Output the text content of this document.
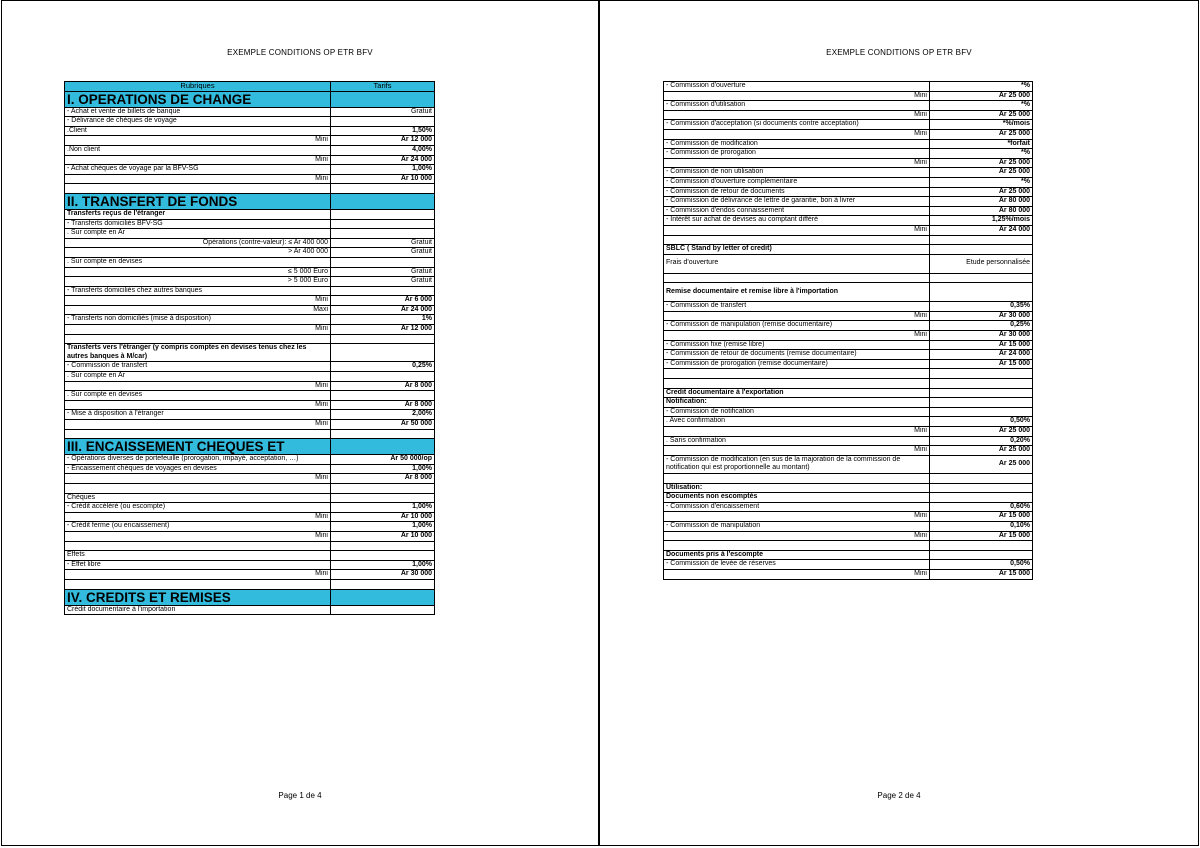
EXEMPLE CONDITIONS OP ETR BFV
Rubriques	Tarifs
I. OPERATIONS DE CHANGE	
- Achat et vente de billets de banque	Gratuit
- Délivrance de chèques de voyage	
.Client	1,50%
Mini	Ar 12 000
.Non client	4,00%
Mini	Ar 24 000
- Achat chèques de voyage par la BFV-SG	1,00%
Mini	Ar 10 000

II. TRANSFERT DE FONDS	
Transferts reçus de l'étranger	
- Transferts domiciliés BFV-SG	
. Sur compte en Ar	
Opérations (contre-valeur): ≤ Ar 400 000	Gratuit
> Ar 400 000	Gratuit
. Sur compte en devises	
≤ 5 000 Euro	Gratuit
> 5 000 Euro	Gratuit
- Transferts domiciliés chez autres banques	
Mini	Ar 6 000
Maxi	Ar 24 000
- Transferts non domiciliés (mise à disposition)	1%
Mini	Ar 12 000

Transferts vers l'étranger (y compris comptes en devises tenus chez les autres banques à M/car)	
- Commission de transfert	0,25%
. Sur compte en Ar	
Mini	Ar 8 000
. Sur compte en devises	
Mini	Ar 8 000
- Mise à disposition à l'étranger	2,00%
Mini	Ar 50 000

III. ENCAISSEMENT CHEQUES ET	
- Opérations diverses de portefeuille (prorogation, impayé, acceptation, …)	Ar 50 000/op
- Encaissement chèques de voyages en devises	1,00%
Mini	Ar 8 000

Chèques	
- Crédit accéléré (ou escompte)	1,00%
Mini	Ar 10 000
- Crédit ferme (ou encaissement)	1,00%
Mini	Ar 10 000

Effets	
- Effet libre	1,00%
Mini	Ar 30 000

IV. CREDITS ET REMISES	
Crédit documentaire à l'importation	
Page 1 de 4
EXEMPLE CONDITIONS OP ETR BFV
- Commission d'ouverture	*%
Mini	Ar 25 000
- Commission d'utilisation	*%
Mini	Ar 25 000
- Commission d'acceptation (si documents contre acceptation)	*%/mois
Mini	Ar 25 000
- Commission de modification	*forfait
- Commission de prorogation	*%
Mini	Ar 25 000
- Commission de non utilisation	Ar 25 000
- Commission d'ouverture complémentaire	*%
- Commission de retour de documents	Ar 25 000
- Commission de délivrance de lettre de garantie, bon à livrer	Ar 80 000
- Commission d'endos connaissement	Ar 80 000
- Intérêt sur achat de devises au comptant différé	1,25%/mois
Mini	Ar 24 000

SBLC ( Stand by letter of credit)	
Frais d'ouverture	Etude personnalisée

Remise documentaire et remise libre à l'importation	
- Commission de transfert	0,35%
Mini	Ar 30 000
- Commission de manipulation (remise documentaire)	0,25%
Mini	Ar 30 000
- Commission fixe (remise libre)	Ar 15 000
- Commission de retour de documents (remise documentaire)	Ar 24 000
- Commission de prorogation (remise documentaire)	Ar 15 000

Credit documentaire à l'exportation	
Notification:	
- Commission de notification	
. Avec confirmation	0,50%
Mini	Ar 25 000
. Sans confirmation	0,20%
Mini	Ar 25 000
- Commission de modification (en sus de la majoration de la commission de notification qui est proportionnelle au montant)	Ar 25 000

Utilisation:	
Documents non escomptés	
- Commission d'encaissement	0,60%
Mini	Ar 15 000
- Commission de manipulation	0,10%
Mini	Ar 15 000

Documents pris à l'escompte	
- Commission de levée de réserves	0,50%
Mini	Ar 15 000
Page 2 de 4
